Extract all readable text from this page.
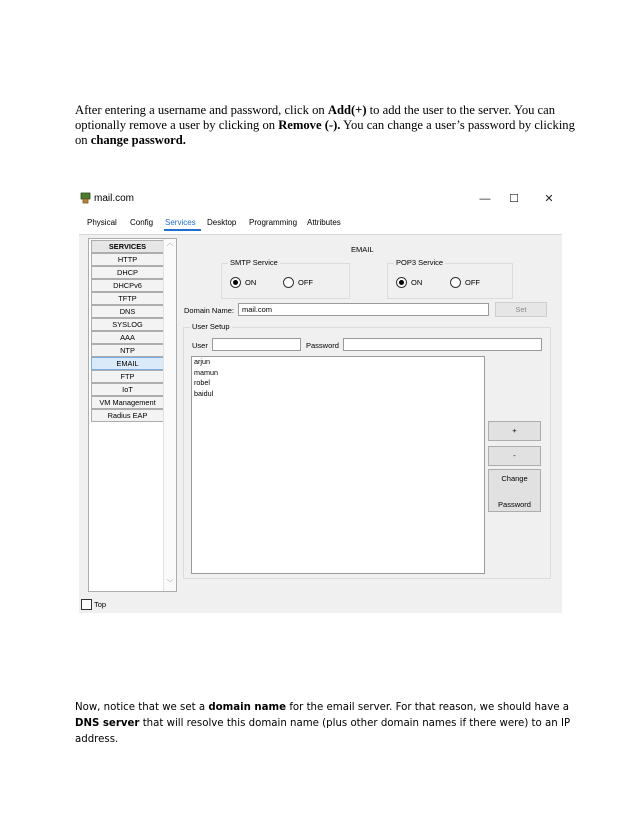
After entering a username and password, click on Add(+) to add the user to the server. You can optionally remove a user by clicking on Remove (-). You can change a user’s password by clicking on change password.

mail.com	—	☐	✕
Physical Config Services Desktop Programming Attributes
SERVICES
HTTP
DHCP
DHCPv6
TFTP
DNS
SYSLOG
AAA
NTP
EMAIL
FTP
IoT
VM Management
Radius EAP
︿
﹀
EMAIL
SMTP Service
ON	OFF
POP3 Service
ON	OFF
Domain Name:	mail.com	Set
User Setup
User	Password
arjun
mamun
robel
baidul
+
-
Change
Password
Top

Now, notice that we set a domain name for the email server. For that reason, we should have a DNS server that will resolve this domain name (plus other domain names if there were) to an IP address.
